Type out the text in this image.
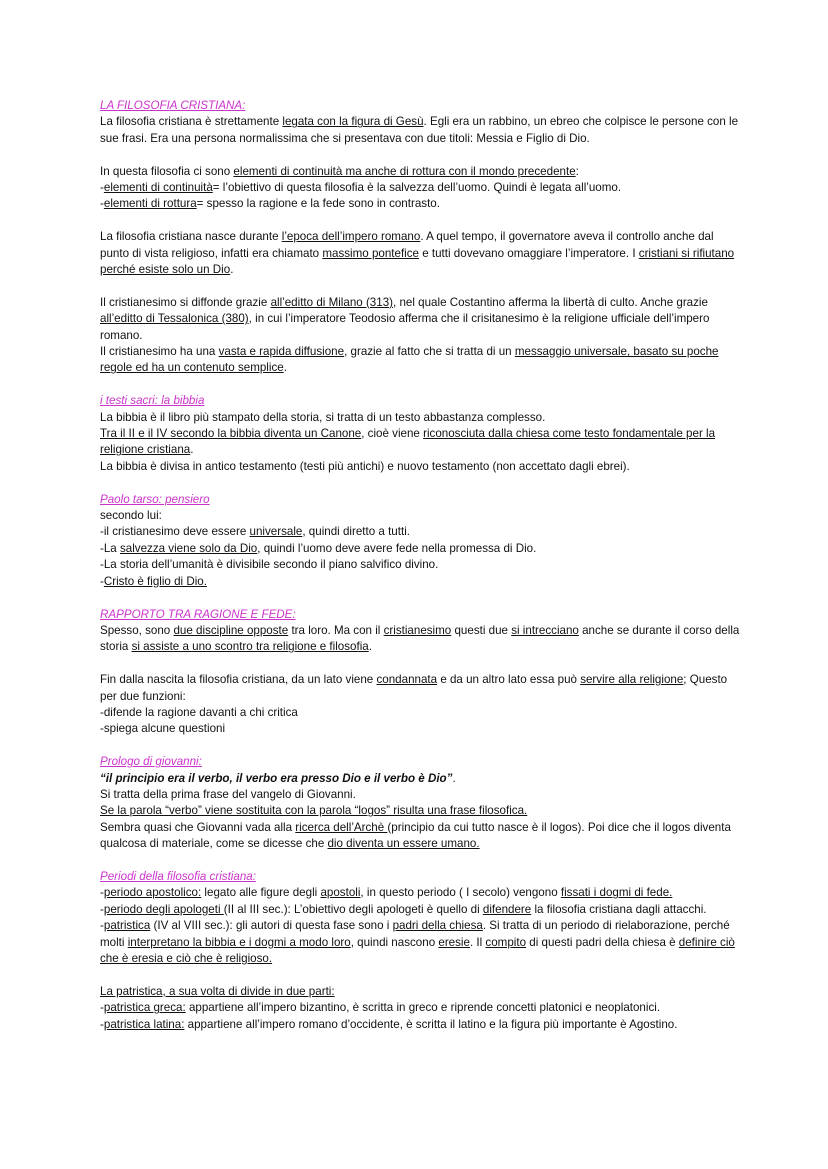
LA FILOSOFIA CRISTIANA:

La filosofia cristiana è strettamente legata con la figura di Gesù. Egli era un rabbino, un ebreo che colpisce le persone con le sue frasi. Era una persona normalissima che si presentava con due titoli: Messia e Figlio di Dio.

In questa filosofia ci sono elementi di continuità ma anche di rottura con il mondo precedente:

-elementi di continuità= l’obiettivo di questa filosofia è la salvezza dell’uomo. Quindi è legata all’uomo.

-elementi di rottura= spesso la ragione e la fede sono in contrasto.

La filosofia cristiana nasce durante l’epoca dell’impero romano. A quel tempo, il governatore aveva il controllo anche dal punto di vista religioso, infatti era chiamato massimo pontefice e tutti dovevano omaggiare l’imperatore. I cristiani si rifiutano perché esiste solo un Dio.

Il cristianesimo si diffonde grazie all’editto di Milano (313), nel quale Costantino afferma la libertà di culto. Anche grazie all’editto di Tessalonica (380), in cui l’imperatore Teodosio afferma che il crisitanesimo è la religione ufficiale dell’impero romano.

Il cristianesimo ha una vasta e rapida diffusione, grazie al fatto che si tratta di un messaggio universale, basato su poche regole ed ha un contenuto semplice.

i testi sacri: la bibbia

La bibbia è il libro più stampato della storia, si tratta di un testo abbastanza complesso.

Tra il II e il IV secondo la bibbia diventa un Canone, cioè viene riconosciuta dalla chiesa come testo fondamentale per la religione cristiana.

La bibbia è divisa in antico testamento (testi più antichi) e nuovo testamento (non accettato dagli ebrei).

Paolo tarso: pensiero

secondo lui:

-il cristianesimo deve essere universale, quindi diretto a tutti.

-La salvezza viene solo da Dio, quindi l’uomo deve avere fede nella promessa di Dio.

-La storia dell’umanità è divisibile secondo il piano salvifico divino.

-Cristo è figlio di Dio.

RAPPORTO TRA RAGIONE E FEDE:

Spesso, sono due discipline opposte tra loro. Ma con il cristianesimo questi due si intrecciano anche se durante il corso della storia si assiste a uno scontro tra religione e filosofia.

Fin dalla nascita la filosofia cristiana, da un lato viene condannata e da un altro lato essa può servire alla religione; Questo per due funzioni:

-difende la ragione davanti a chi critica

-spiega alcune questioni

Prologo di giovanni:

“il principio era il verbo, il verbo era presso Dio e il verbo è Dio”.

Si tratta della prima frase del vangelo di Giovanni.

Se la parola “verbo” viene sostituita con la parola “logos” risulta una frase filosofica.

Sembra quasi che Giovanni vada alla ricerca dell’Archè (principio da cui tutto nasce è il logos). Poi dice che il logos diventa qualcosa di materiale, come se dicesse che dio diventa un essere umano.

Periodi della filosofia cristiana:

-periodo apostolico: legato alle figure degli apostoli, in questo periodo ( I secolo) vengono fissati i dogmi di fede.

-periodo degli apologeti (II al III sec.): L’obiettivo degli apologeti è quello di difendere la filosofia cristiana dagli attacchi.

-patristica (IV al VIII sec.): gli autori di questa fase sono i padri della chiesa. Si tratta di un periodo di rielaborazione, perché molti interpretano la bibbia e i dogmi a modo loro, quindi nascono eresie. Il compito di questi padri della chiesa è definire ciò che è eresia e ciò che è religioso.

La patristica, a sua volta di divide in due parti:

-patristica greca: appartiene all’impero bizantino, è scritta in greco e riprende concetti platonici e neoplatonici.

-patristica latina: appartiene all’impero romano d’occidente, è scritta il latino e la figura più importante è Agostino.
